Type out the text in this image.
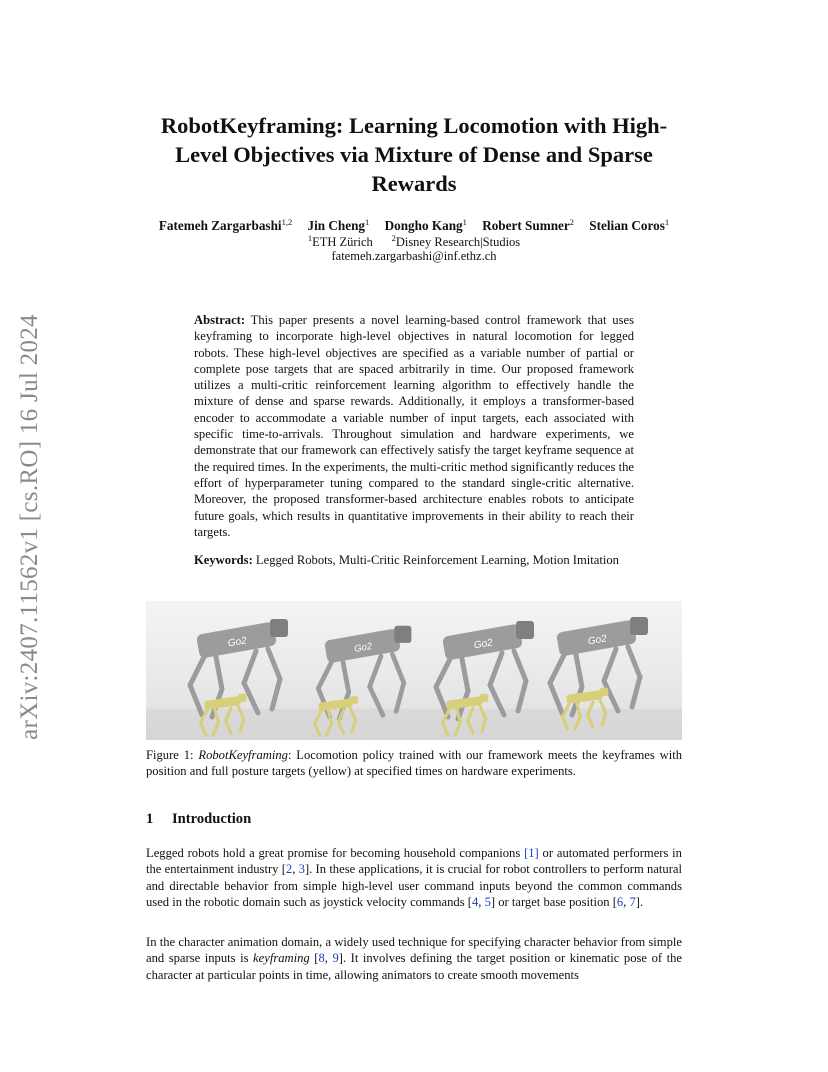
arXiv:2407.11562v1 [cs.RO] 16 Jul 2024
RobotKeyframing: Learning Locomotion with High-Level Objectives via Mixture of Dense and Sparse Rewards
Fatemeh Zargarbashi$^{1,2}$ Jin Cheng$^1$ Dongho Kang$^1$ Robert Sumner$^2$ Stelian Coros$^1$
$^1$ETH Zürich $^2$Disney Research|Studios
fatemeh.zargarbashi@inf.ethz.ch
Abstract: This paper presents a novel learning-based control framework that uses keyframing to incorporate high-level objectives in natural locomotion for legged robots. These high-level objectives are specified as a variable number of partial or complete pose targets that are spaced arbitrarily in time. Our proposed framework utilizes a multi-critic reinforcement learning algorithm to effectively handle the mixture of dense and sparse rewards. Additionally, it employs a transformer-based encoder to accommodate a variable number of input targets, each associated with specific time-to-arrivals. Throughout simulation and hardware experiments, we demonstrate that our framework can effectively satisfy the target keyframe sequence at the required times. In the experiments, the multi-critic method significantly reduces the effort of hyperparameter tuning compared to the standard single-critic alternative. Moreover, the proposed transformer-based architecture enables robots to anticipate future goals, which results in quantitative improvements in their ability to reach their targets.
Keywords: Legged Robots, Multi-Critic Reinforcement Learning, Motion Imitation
Go2	Go2	Go2	Go2
Figure 1: RobotKeyframing: Locomotion policy trained with our framework meets the keyframes with position and full posture targets (yellow) at specified times on hardware experiments.
1 Introduction
Legged robots hold a great promise for becoming household companions [1] or automated performers in the entertainment industry [2, 3]. In these applications, it is crucial for robot controllers to perform natural and directable behavior from simple high-level user command inputs beyond the common commands used in the robotic domain such as joystick velocity commands [4, 5] or target base position [6, 7].
In the character animation domain, a widely used technique for specifying character behavior from simple and sparse inputs is keyframing [8, 9]. It involves defining the target position or kinematic pose of the character at particular points in time, allowing animators to create smooth movements
